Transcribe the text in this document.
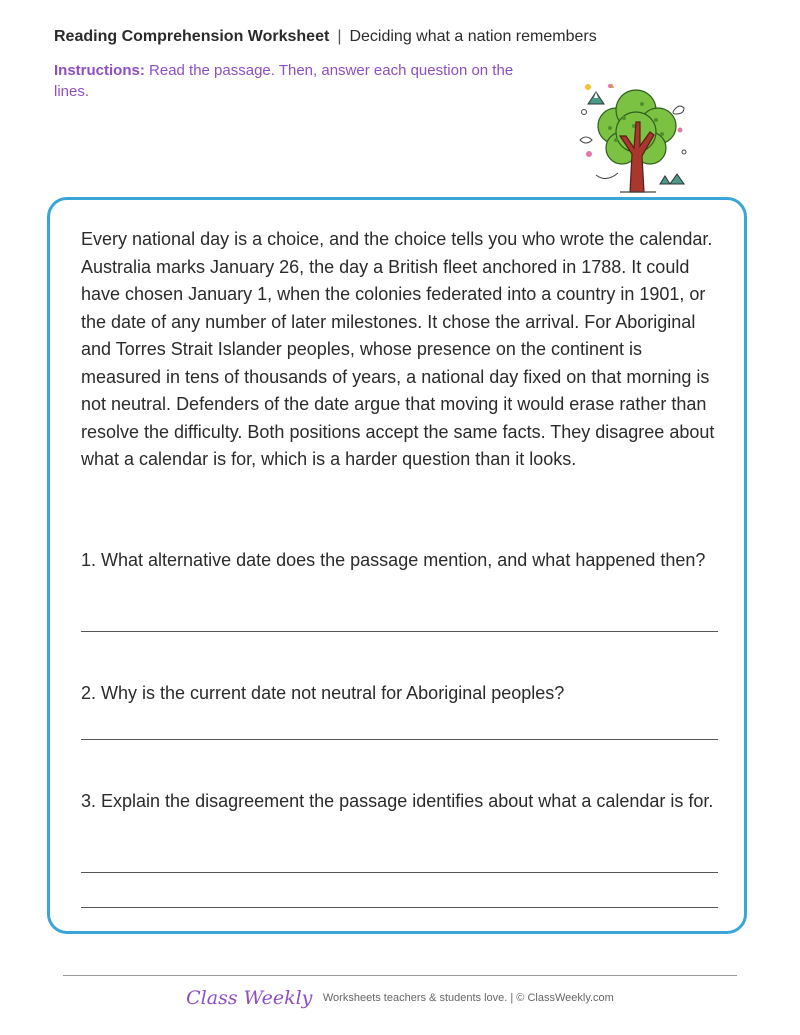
Reading Comprehension Worksheet | Deciding what a nation remembers
Instructions: Read the passage. Then, answer each question on the lines.
Every national day is a choice, and the choice tells you who wrote the calendar. Australia marks January 26, the day a British fleet anchored in 1788. It could have chosen January 1, when the colonies federated into a country in 1901, or the date of any number of later milestones. It chose the arrival. For Aboriginal and Torres Strait Islander peoples, whose presence on the continent is measured in tens of thousands of years, a national day fixed on that morning is not neutral. Defenders of the date argue that moving it would erase rather than resolve the difficulty. Both positions accept the same facts. They disagree about what a calendar is for, which is a harder question than it looks.
1. What alternative date does the passage mention, and what happened then?
2. Why is the current date not neutral for Aboriginal peoples?
3. Explain the disagreement the passage identifies about what a calendar is for.
Class Weekly Worksheets teachers & students love. | © ClassWeekly.com
